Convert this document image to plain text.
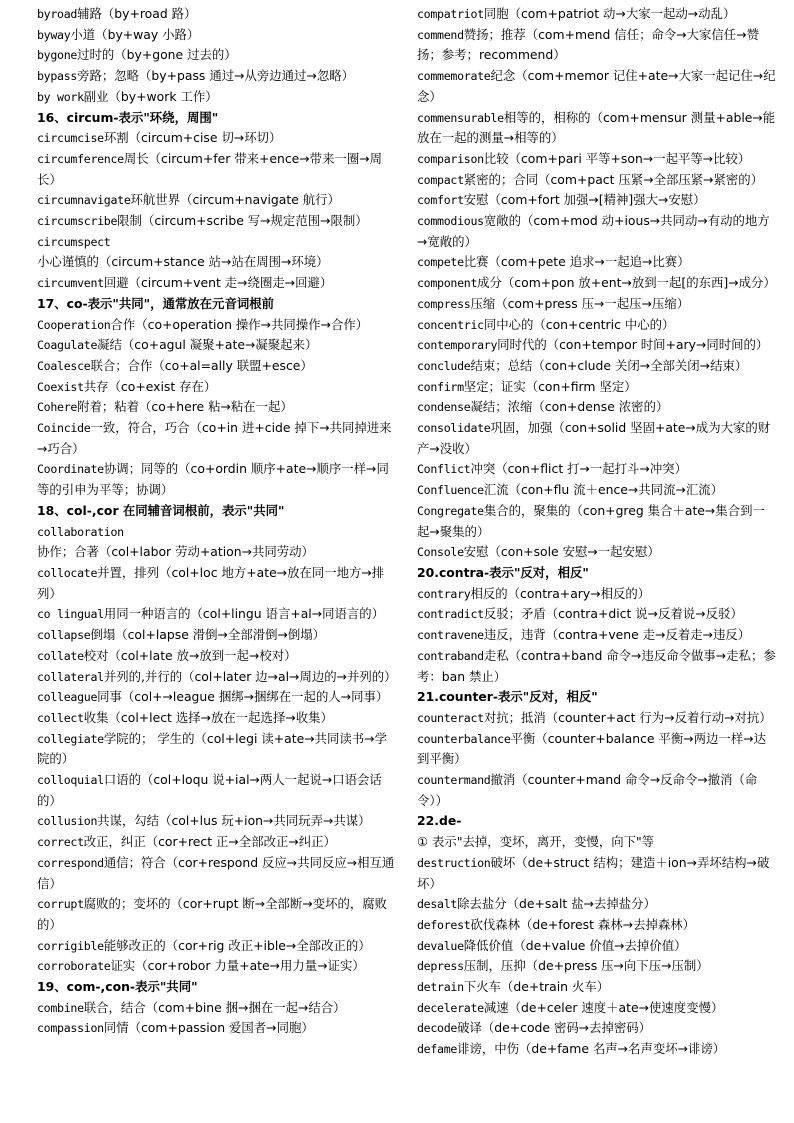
byroad辅路（by+road 路）

byway小道（by+way 小路）

bygone过时的（by+gone 过去的）

bypass旁路；忽略（by+pass 通过→从旁边通过→忽略）

by work副业（by+work 工作）

16、circum-表示"环绕，周围"

circumcise环割（circum+cise 切→环切）

circumference周长（circum+fer 带来+ence→带来一圈→周长）

circumnavigate环航世界（circum+navigate 航行）

circumscribe限制（circum+scribe 写→规定范围→限制）

circumspect小心谨慎的（circum+stance 站→站在周围→环境）

circumvent回避（circum+vent 走→绕圈走→回避）

17、co-表示"共同"，通常放在元音词根前

Cooperation合作（co+operation 操作→共同操作→合作）

Coagulate凝结（co+agul 凝聚+ate→凝聚起来）

Coalesce联合；合作（co+al=ally 联盟+esce）

Coexist共存（co+exist 存在）

Cohere附着；粘着（co+here 粘→粘在一起）

Coincide一致，符合，巧合（co+in 进+cide 掉下→共同掉进来→巧合）

Coordinate协调；同等的（co+ordin 顺序+ate→顺序一样→同等的引申为平等；协调）

18、col-,cor 在同辅音词根前，表示"共同"

collaboration协作；合著（col+labor 劳动+ation→共同劳动）

collocate并置，排列（col+loc 地方+ate→放在同一地方→排列）

co lingual用同一种语言的（col+lingu 语言+al→同语言的）

collapse倒塌（col+lapse 滑倒→全部滑倒→倒塌）

collate校对（col+late 放→放到一起→校对）

collateral并列的,并行的（col+later 边→al→周边的→并列的）

colleague同事（col+→league 捆绑→捆绑在一起的人→同事）

collect收集（col+lect 选择→放在一起选择→收集）

collegiate学院的； 学生的（col+legi 读+ate→共同读书→学院的）

colloquial口语的（col+loqu 说+ial→两人一起说→口语会话的）

collusion共谋，勾结（col+lus 玩+ion→共同玩弄→共谋）

correct改正，纠正（cor+rect 正→全部改正→纠正）

correspond通信；符合（cor+respond 反应→共同反应→相互通信）

corrupt腐败的；变坏的（cor+rupt 断→全部断→变坏的，腐败的）

corrigible能够改正的（cor+rig 改正+ible→全部改正的）

corroborate证实（cor+robor 力量+ate→用力量→证实）

19、com-,con-表示"共同"

combine联合，结合（com+bine 捆→捆在一起→结合）

compassion同情（com+passion 爱国者→同胞）

compatriot同胞（com+patriot 动→大家一起动→动乱）

commend赞扬；推荐（com+mend 信任；命令→大家信任→赞扬；参考；recommend）

commemorate纪念（com+memor 记住+ate→大家一起记住→纪念）

commensurable相等的，相称的（com+mensur 测量+able→能放在一起的测量→相等的）

comparison比较（com+pari 平等+son→一起平等→比较）

compact紧密的；合同（com+pact 压紧→全部压紧→紧密的）

comfort安慰（com+fort 加强→[精神]强大→安慰）

commodious宽敞的（com+mod 动+ious→共同动→有动的地方→宽敞的）

compete比赛（com+pete 追求→一起追→比赛）

component成分（com+pon 放+ent→放到一起[的东西]→成分）

compress压缩（com+press 压→一起压→压缩）

concentric同中心的（con+centric 中心的）

contemporary同时代的（con+tempor 时间+ary→同时间的）

conclude结束；总结（con+clude 关闭→全部关闭→结束）

confirm坚定；证实（con+firm 坚定）

condense凝结；浓缩（con+dense 浓密的）

consolidate巩固，加强（con+solid 坚固+ate→成为大家的财产→没收）

Conflict冲突（con+flict 打→一起打斗→冲突）

Confluence汇流（con+flu 流＋ence→共同流→汇流）

Congregate集合的，聚集的（con+greg 集合＋ate→集合到一起→聚集的）

Console安慰（con+sole 安慰→一起安慰）

20.contra-表示"反对，相反"

contrary相反的（contra+ary→相反的）

contradict反驳；矛盾（contra+dict 说→反着说→反驳）

contravene违反，违背（contra+vene 走→反着走→违反）

contraband走私（contra+band 命令→违反命令做事→走私；参考：ban 禁止）

21.counter-表示"反对，相反"

counteract对抗；抵消（counter+act 行为→反着行动→对抗）

counterbalance平衡（counter+balance 平衡→两边一样→达到平衡）

countermand撤消（counter+mand 命令→反命令→撤消（命令））

22.de-

① 表示"去掉，变坏，离开，变慢，向下"等

destruction破坏（de+struct 结构；建造＋ion→弄坏结构→破坏）

desalt除去盐分（de+salt 盐→去掉盐分）

deforest砍伐森林（de+forest 森林→去掉森林）

devalue降低价值（de+value 价值→去掉价值）

depress压制，压抑（de+press 压→向下压→压制）

detrain下火车（de+train 火车）

decelerate减速（de+celer 速度＋ate→使速度变慢）

decode破译（de+code 密码→去掉密码）

defame诽谤，中伤（de+fame 名声→名声变坏→诽谤）
